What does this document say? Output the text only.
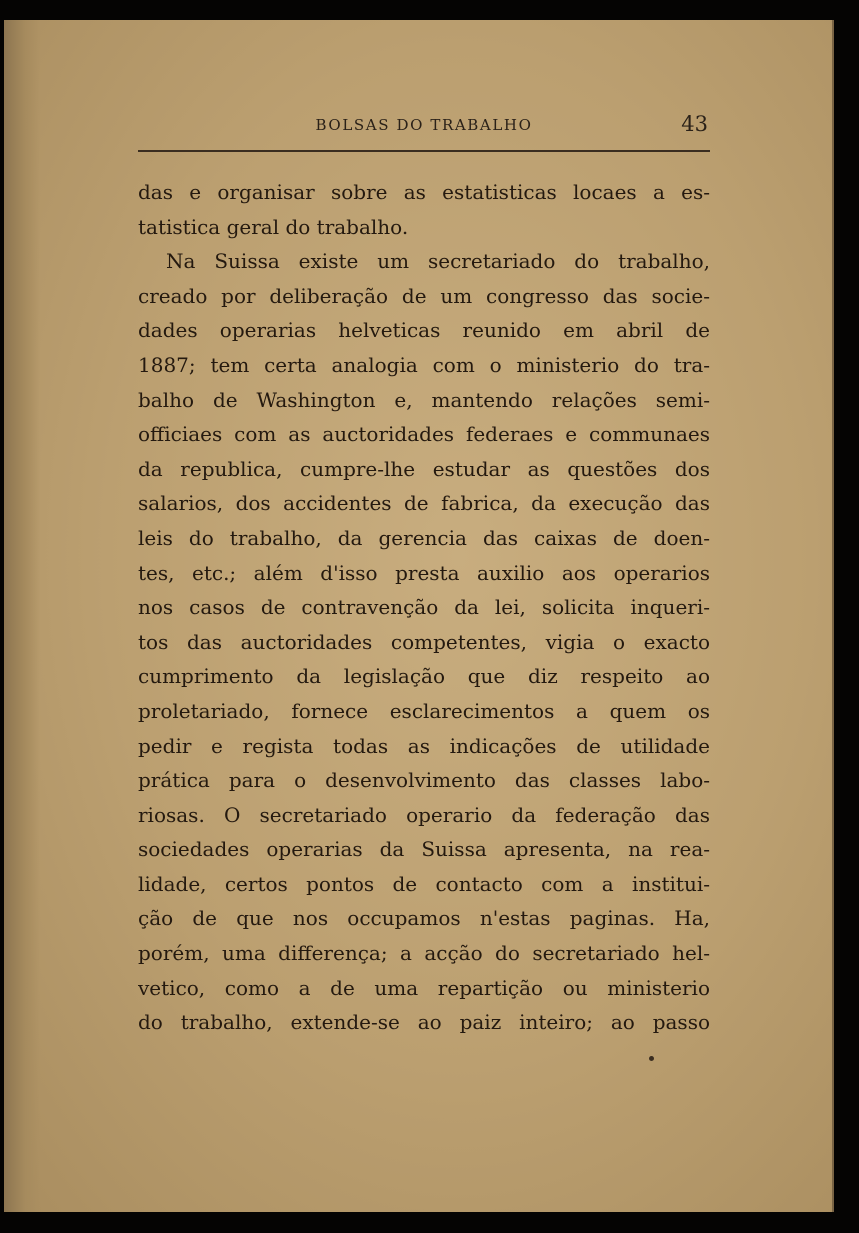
BOLSAS DO TRABALHO	43
das e organisar sobre as estatisticas locaes a es-
tatistica geral do trabalho.
Na Suissa existe um secretariado do trabalho,
creado por deliberação de um congresso das socie-
dades operarias helveticas reunido em abril de
1887; tem certa analogia com o ministerio do tra-
balho de Washington e, mantendo relações semi-
officiaes com as auctoridades federaes e communaes
da republica, cumpre-lhe estudar as questões dos
salarios, dos accidentes de fabrica, da execução das
leis do trabalho, da gerencia das caixas de doen-
tes, etc.; além d'isso presta auxilio aos operarios
nos casos de contravenção da lei, solicita inqueri-
tos das auctoridades competentes, vigia o exacto
cumprimento da legislação que diz respeito ao
proletariado, fornece esclarecimentos a quem os
pedir e regista todas as indicações de utilidade
prática para o desenvolvimento das classes labo-
riosas. O secretariado operario da federação das
sociedades operarias da Suissa apresenta, na rea-
lidade, certos pontos de contacto com a institui-
ção de que nos occupamos n'estas paginas. Ha,
porém, uma differença; a acção do secretariado hel-
vetico, como a de uma repartição ou ministerio
do trabalho, extende-se ao paiz inteiro; ao passo
